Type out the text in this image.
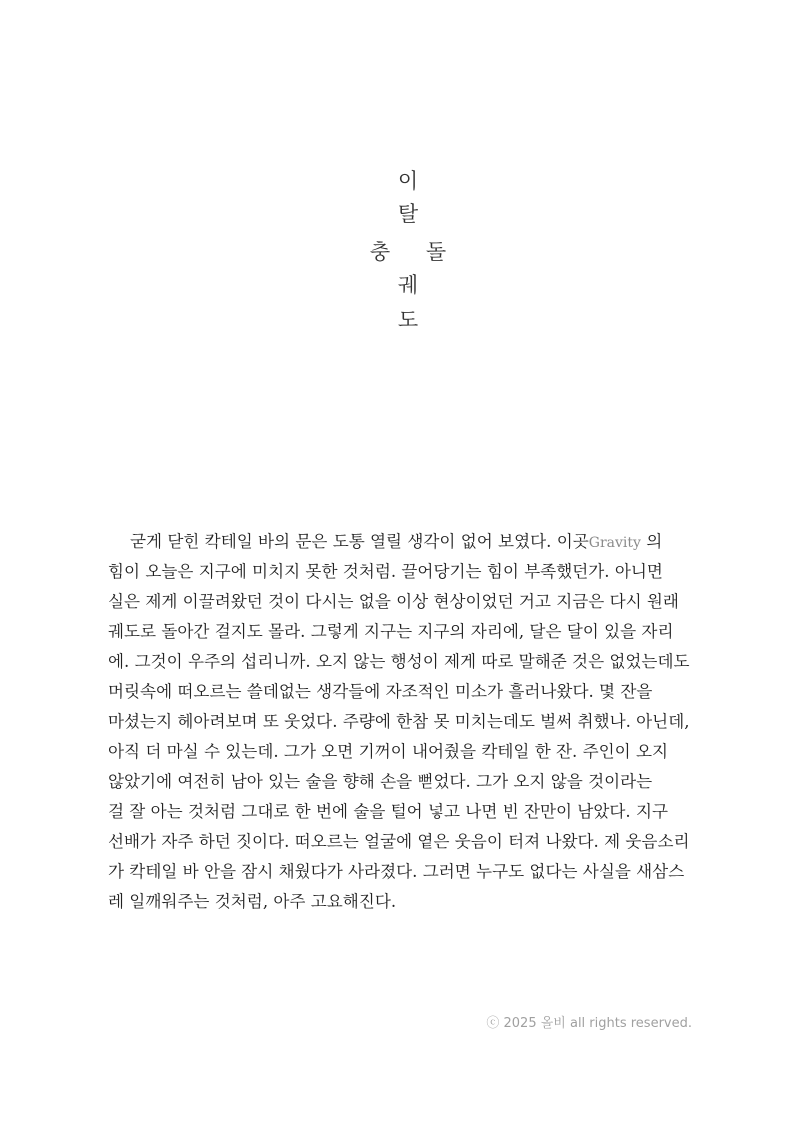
이
탈
충	돌
궤
도
굳게 닫힌 칵테일 바의 문은 도통 열릴 생각이 없어 보였다. 이곳Gravity 의
힘이 오늘은 지구에 미치지 못한 것처럼. 끌어당기는 힘이 부족했던가. 아니면
실은 제게 이끌려왔던 것이 다시는 없을 이상 현상이었던 거고 지금은 다시 원래
궤도로 돌아간 걸지도 몰라. 그렇게 지구는 지구의 자리에, 달은 달이 있을 자리
에. 그것이 우주의 섭리니까. 오지 않는 행성이 제게 따로 말해준 것은 없었는데도
머릿속에 떠오르는 쓸데없는 생각들에 자조적인 미소가 흘러나왔다. 몇 잔을
마셨는지 헤아려보며 또 웃었다. 주량에 한참 못 미치는데도 벌써 취했나. 아닌데,
아직 더 마실 수 있는데. 그가 오면 기꺼이 내어줬을 칵테일 한 잔. 주인이 오지
않았기에 여전히 남아 있는 술을 향해 손을 뻗었다. 그가 오지 않을 것이라는
걸 잘 아는 것처럼 그대로 한 번에 술을 털어 넣고 나면 빈 잔만이 남았다. 지구
선배가 자주 하던 짓이다. 떠오르는 얼굴에 옅은 웃음이 터져 나왔다. 제 웃음소리
가 칵테일 바 안을 잠시 채웠다가 사라졌다. 그러면 누구도 없다는 사실을 새삼스
레 일깨워주는 것처럼, 아주 고요해진다.
ⓒ 2025 올비 all rights reserved.
